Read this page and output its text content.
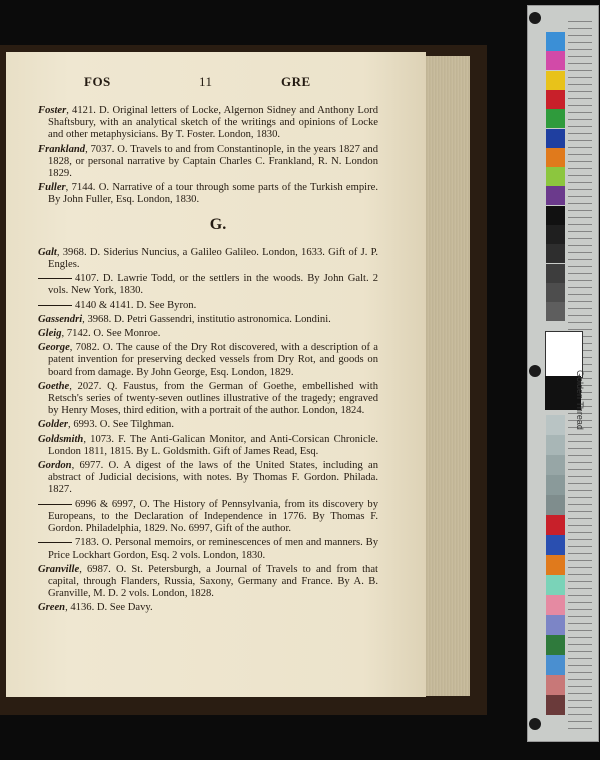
FOS	11	GRE
Foster, 4121. D. Original letters of Locke, Algernon Sidney and Anthony Lord Shaftsbury, with an analytical sketch of the writings and opinions of Locke and other metaphysicians. By T. Foster. London, 1830.
Frankland, 7037. O. Travels to and from Constantinople, in the years 1827 and 1828, or personal narrative by Captain Charles C. Frankland, R. N. London 1829.
Fuller, 7144. O. Narrative of a tour through some parts of the Turkish empire. By John Fuller, Esq. London, 1830.
G.
Galt, 3968. D. Siderius Nuncius, a Galileo Galileo. London, 1633. Gift of J. P. Engles.
4107. D. Lawrie Todd, or the settlers in the woods. By John Galt. 2 vols. New York, 1830.
4140 & 4141. D. See Byron.
Gassendri, 3968. D. Petri Gassendri, institutio astronomica. Londini.
Gleig, 7142. O. See Monroe.
George, 7082. O. The cause of the Dry Rot discovered, with a description of a patent invention for preserving decked vessels from Dry Rot, and goods on board from damage. By John George, Esq. London, 1829.
Goethe, 2027. Q. Faustus, from the German of Goethe, embellished with Retsch's series of twenty-seven outlines illustrative of the tragedy; engraved by Henry Moses, third edition, with a portrait of the author. London, 1824.
Golder, 6993. O. See Tilghman.
Goldsmith, 1073. F. The Anti-Galican Monitor, and Anti-Corsican Chronicle. London 1811, 1815. By L. Goldsmith. Gift of James Read, Esq.
Gordon, 6977. O. A digest of the laws of the United States, including an abstract of Judicial decisions, with notes. By Thomas F. Gordon. Philada. 1827.
6996 & 6997, O. The History of Pennsylvania, from its discovery by Europeans, to the Declaration of Independence in 1776. By Thomas F. Gordon. Philadelphia, 1829. No. 6997, Gift of the author.
7183. O. Personal memoirs, or reminescences of men and manners. By Price Lockhart Gordon, Esq. 2 vols. London, 1830.
Granville, 6987. O. St. Petersburgh, a Journal of Travels to and from that capital, through Flanders, Russia, Saxony, Germany and France. By A. B. Granville, M. D. 2 vols. London, 1828.
Green, 4136. D. See Davy.
Golden Thread
